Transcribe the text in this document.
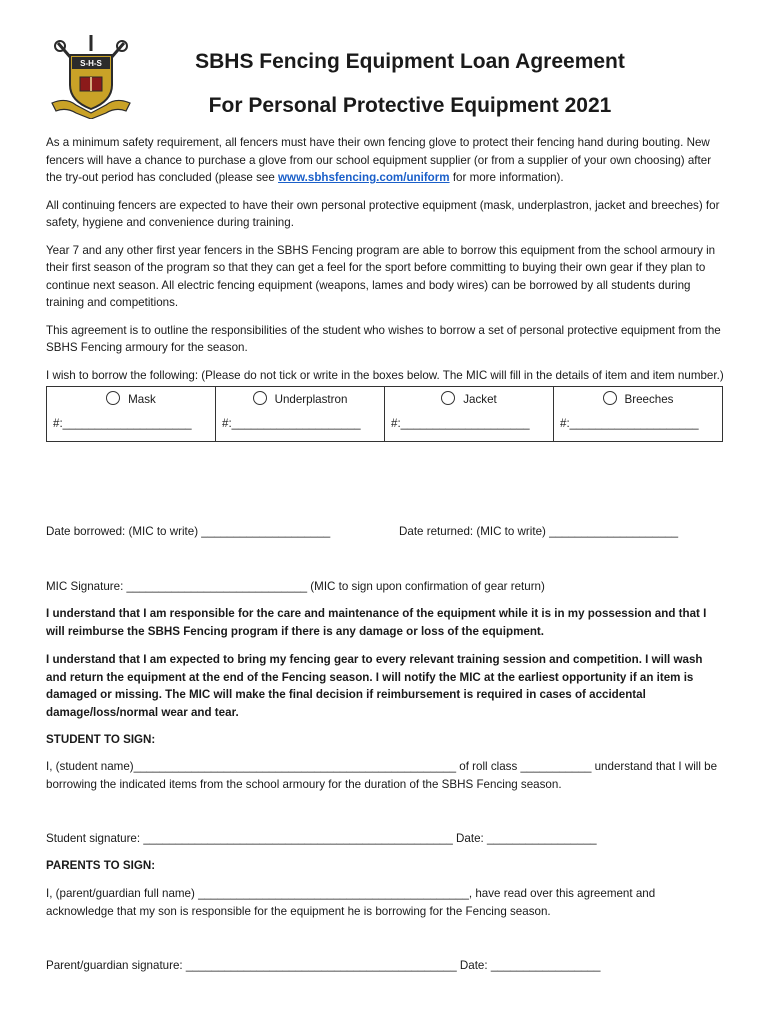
S-H-S	SBHS Fencing Equipment Loan Agreement
For Personal Protective Equipment 2021

As a minimum safety requirement, all fencers must have their own fencing glove to protect their fencing hand during bouting. New fencers will have a chance to purchase a glove from our school equipment supplier (or from a supplier of your own choosing) after the try-out period has concluded (please see www.sbhsfencing.com/uniform for more information).

All continuing fencers are expected to have their own personal protective equipment (mask, underplastron, jacket and breeches) for safety, hygiene and convenience during training.

Year 7 and any other first year fencers in the SBHS Fencing program are able to borrow this equipment from the school armoury in their first season of the program so that they can get a feel for the sport before committing to buying their own gear if they plan to continue next season. All electric fencing equipment (weapons, lames and body wires) can be borrowed by all students during training and competitions.

This agreement is to outline the responsibilities of the student who wishes to borrow a set of personal protective equipment from the SBHS Fencing armoury for the season.

I wish to borrow the following: (Please do not tick or write in the boxes below. The MIC will fill in the details of item and item number.)

Mask
#:____________________

Underplastron
#:____________________

Jacket
#:____________________

Breeches
#:____________________
Date borrowed: (MIC to write) ____________________	Date returned: (MIC to write) ____________________
MIC Signature: ____________________________ (MIC to sign upon confirmation of gear return)
I understand that I am responsible for the care and maintenance of the equipment while it is in my possession and that I will reimburse the SBHS Fencing program if there is any damage or loss of the equipment.
I understand that I am expected to bring my fencing gear to every relevant training session and competition. I will wash and return the equipment at the end of the Fencing season. I will notify the MIC at the earliest opportunity if an item is damaged or missing. The MIC will make the final decision if reimbursement is required in cases of accidental damage/loss/normal wear and tear.
STUDENT TO SIGN:
I, (student name)__________________________________________________ of roll class ___________ understand that I will be borrowing the indicated items from the school armoury for the duration of the SBHS Fencing season.
Student signature: ________________________________________________ Date: _________________
PARENTS TO SIGN:
I, (parent/guardian full name) __________________________________________, have read over this agreement and acknowledge that my son is responsible for the equipment he is borrowing for the Fencing season.
Parent/guardian signature: __________________________________________ Date: _________________
